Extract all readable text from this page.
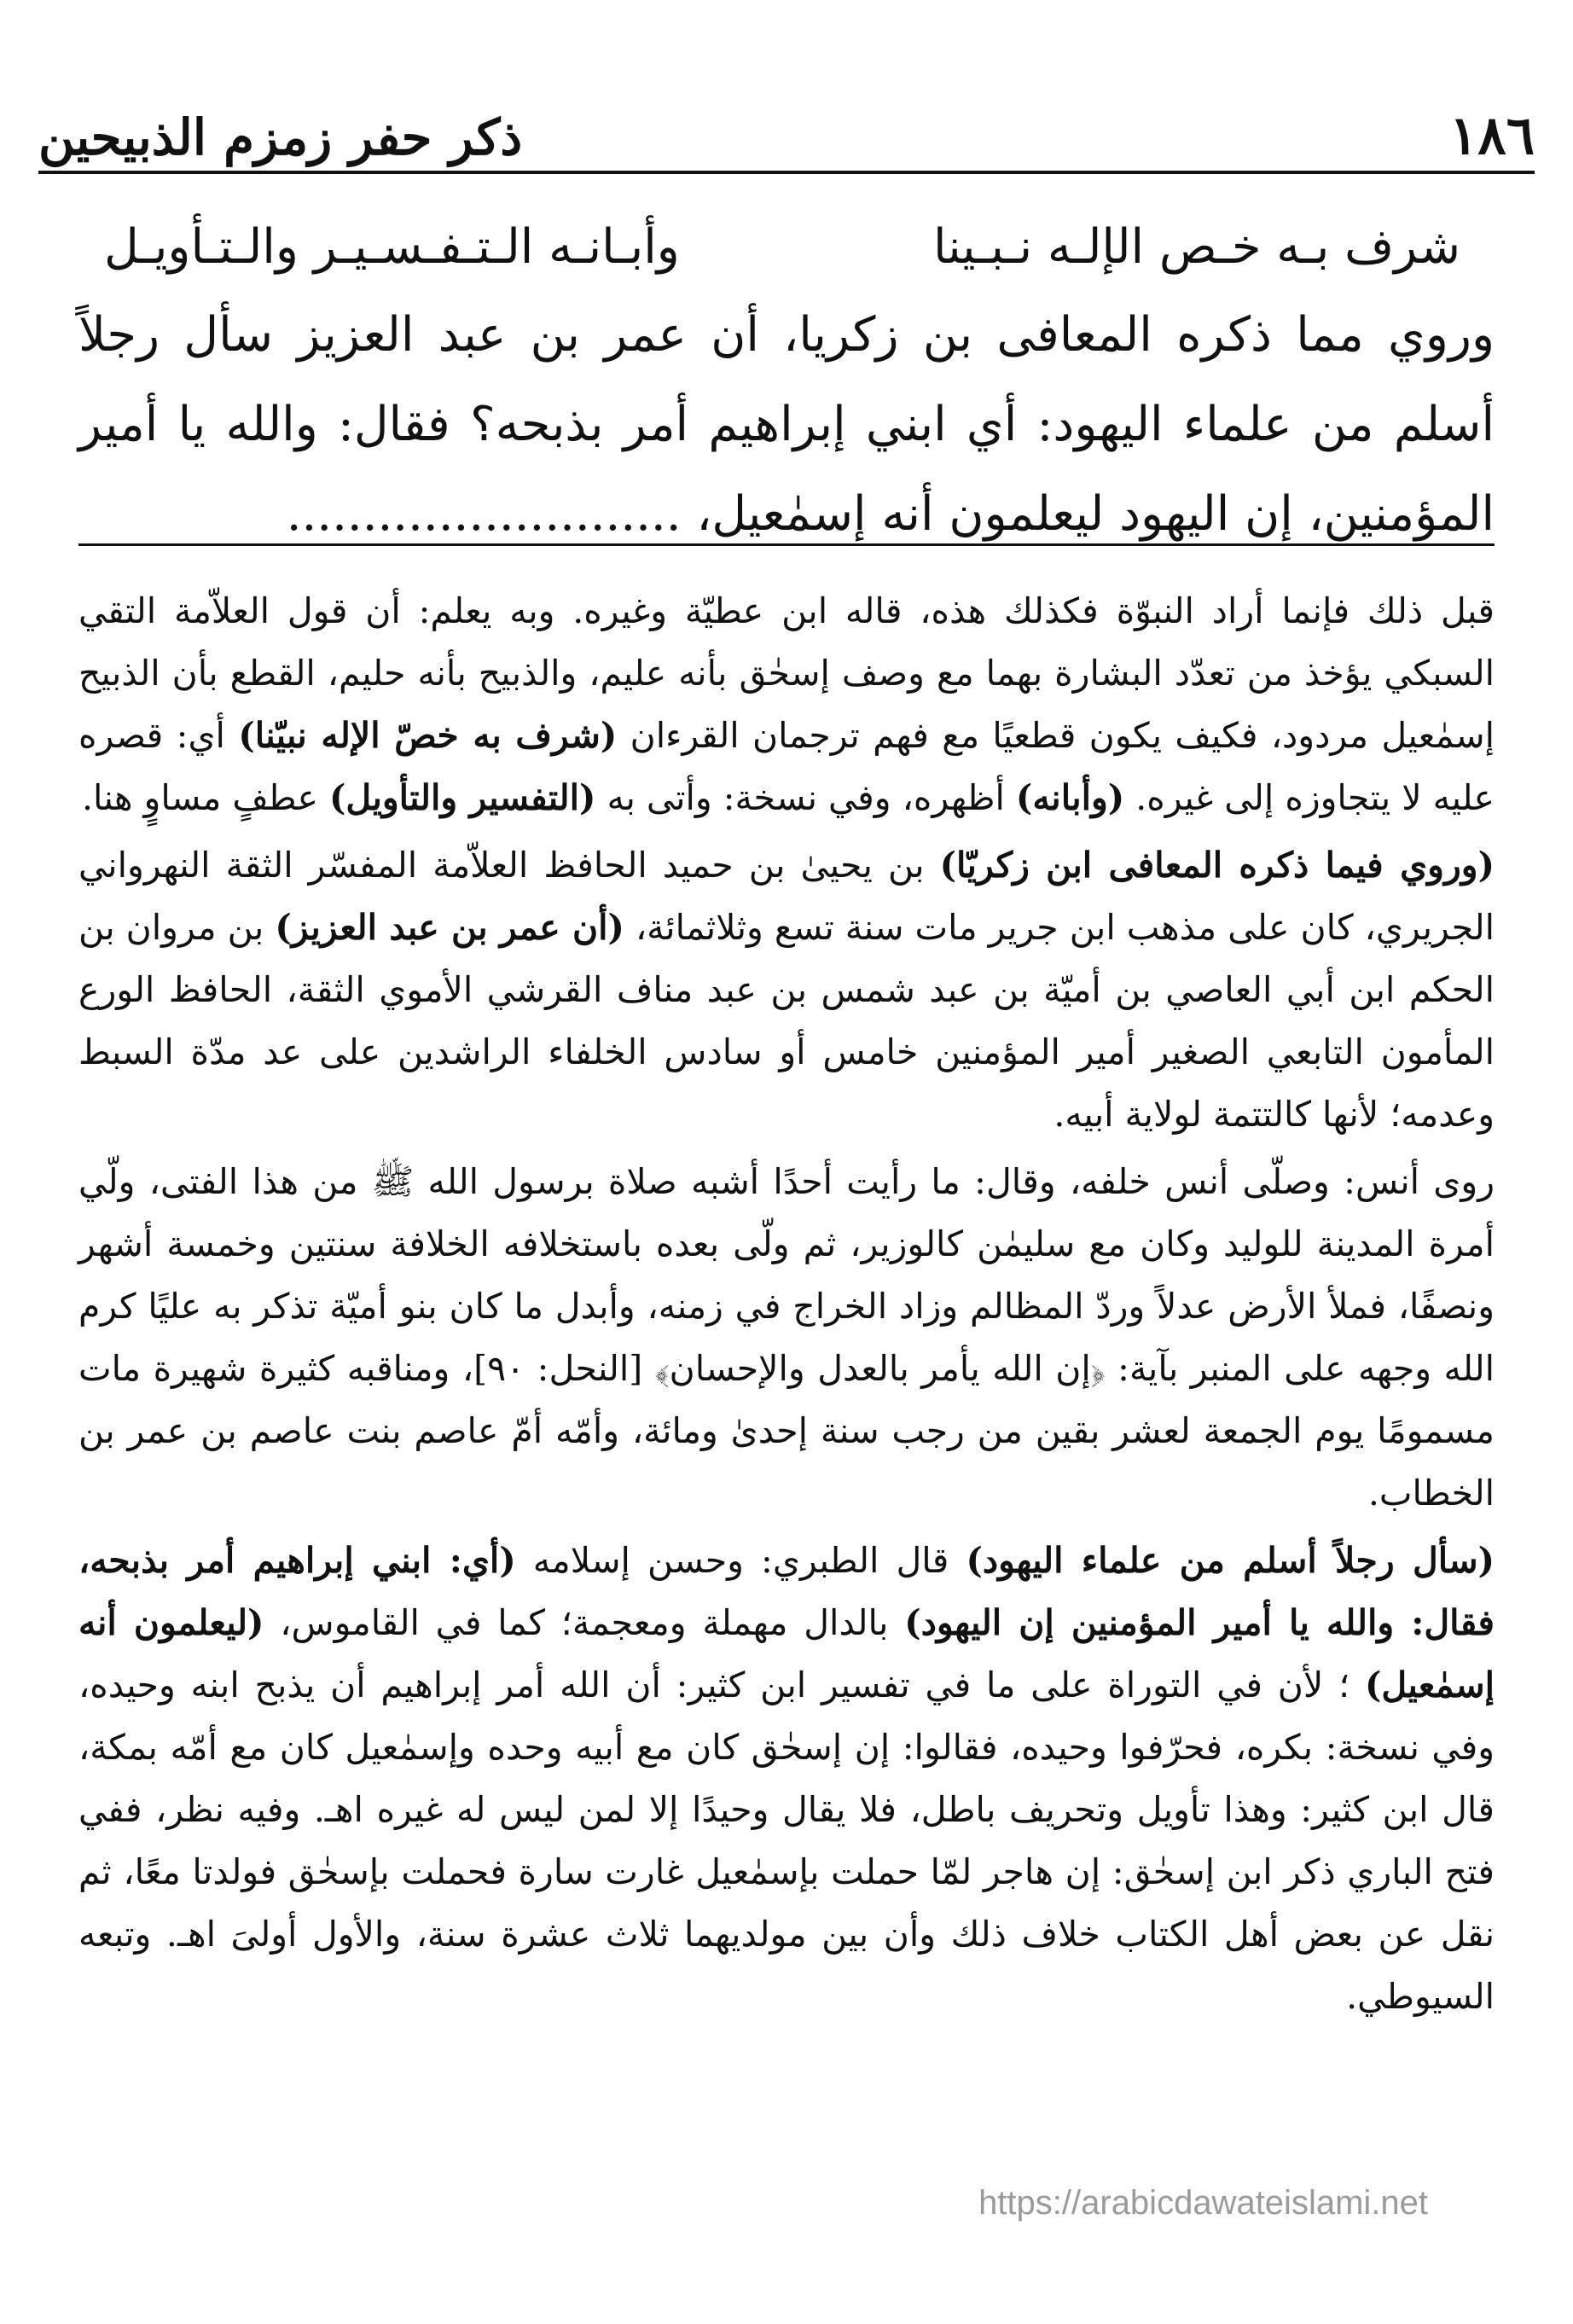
١٨٦
ذكر حفر زمزم الذبيحين
شرف بـه خـص الإلـه نـبـينا
وأبـانـه الـتـفـسـيـر والـتـأويـل

وروي مما ذكره المعافى بن زكريا، أن عمر بن عبد العزيز سأل رجلاً أسلم من علماء اليهود: أي ابني إبراهيم أمر بذبحه؟ فقال: والله يا أمير المؤمنين، إن اليهود ليعلمون أنه إسمٰعيل، ..........................

قبل ذلك فإنما أراد النبوّة فكذلك هذه، قاله ابن عطيّة وغيره. وبه يعلم: أن قول العلاّمة التقي السبكي يؤخذ من تعدّد البشارة بهما مع وصف إسحٰق بأنه عليم، والذبيح بأنه حليم، القطع بأن الذبيح إسمٰعيل مردود، فكيف يكون قطعيًا مع فهم ترجمان القرءان (شرف به خصّ الإله نبيّنا) أي: قصره عليه لا يتجاوزه إلى غيره. (وأبانه) أظهره، وفي نسخة: وأتى به (التفسير والتأويل) عطفٍ مساوٍ هنا.

(وروي فيما ذكره المعافى ابن زكريّا) بن يحيىٰ بن حميد الحافظ العلاّمة المفسّر الثقة النهرواني الجريري، كان على مذهب ابن جرير مات سنة تسع وثلاثمائة، (أن عمر بن عبد العزيز) بن مروان بن الحكم ابن أبي العاصي بن أميّة بن عبد شمس بن عبد مناف القرشي الأموي الثقة، الحافظ الورع المأمون التابعي الصغير أمير المؤمنين خامس أو سادس الخلفاء الراشدين على عد مدّة السبط وعدمه؛ لأنها كالتتمة لولاية أبيه.

روى أنس: وصلّى أنس خلفه، وقال: ما رأيت أحدًا أشبه صلاة برسول الله ﷺ من هذا الفتى، ولّي أمرة المدينة للوليد وكان مع سليمٰن كالوزير، ثم ولّى بعده باستخلافه الخلافة سنتين وخمسة أشهر ونصفًا، فملأ الأرض عدلاً وردّ المظالم وزاد الخراج في زمنه، وأبدل ما كان بنو أميّة تذكر به عليًا كرم الله وجهه على المنبر بآية: ﴿إن الله يأمر بالعدل والإحسان﴾ [النحل: ٩٠]، ومناقبه كثيرة شهيرة مات مسمومًا يوم الجمعة لعشر بقين من رجب سنة إحدىٰ ومائة، وأمّه أمّ عاصم بنت عاصم بن عمر بن الخطاب.

(سأل رجلاً أسلم من علماء اليهود) قال الطبري: وحسن إسلامه (أي: ابني إبراهيم أمر بذبحه، فقال: والله يا أمير المؤمنين إن اليهود) بالدال مهملة ومعجمة؛ كما في القاموس، (ليعلمون أنه إسمٰعيل) ؛ لأن في التوراة على ما في تفسير ابن كثير: أن الله أمر إبراهيم أن يذبح ابنه وحيده، وفي نسخة: بكره، فحرّفوا وحيده، فقالوا: إن إسحٰق كان مع أبيه وحده وإسمٰعيل كان مع أمّه بمكة، قال ابن كثير: وهذا تأويل وتحريف باطل، فلا يقال وحيدًا إلا لمن ليس له غيره اهـ. وفيه نظر، ففي فتح الباري ذكر ابن إسحٰق: إن هاجر لمّا حملت بإسمٰعيل غارت سارة فحملت بإسحٰق فولدتا معًا، ثم نقل عن بعض أهل الكتاب خلاف ذلك وأن بين مولديهما ثلاث عشرة سنة، والأول أولىَ اهـ. وتبعه السيوطي.

https://arabicdawateislami.net
